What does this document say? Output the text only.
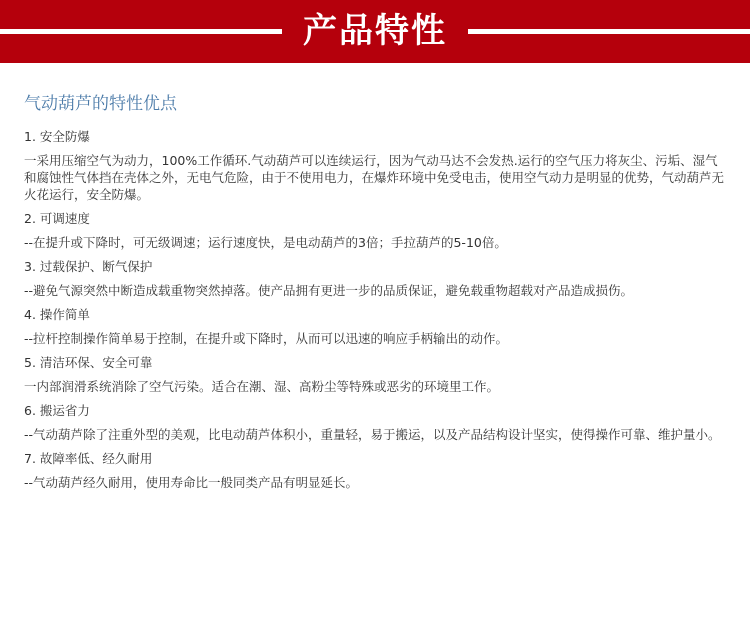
产品特性
气动葫芦的特性优点
1. 安全防爆
一采用压缩空气为动力，100%工作循环.气动葫芦可以连续运行，因为气动马达不会发热.运行的空气压力将灰尘、污垢、湿气和腐蚀性气体挡在壳体之外，无电气危险，由于不使用电力，在爆炸环境中免受电击，使用空气动力是明显的优势，气动葫芦无火花运行，安全防爆。
2. 可调速度
--在提升或下降时，可无级调速；运行速度快，是电动葫芦的3倍；手拉葫芦的5-10倍。
3. 过载保护、断气保护
--避免气源突然中断造成载重物突然掉落。使产品拥有更进一步的品质保证，避免载重物超载对产品造成损伤。
4. 操作简单
--拉杆控制操作简单易于控制，在提升或下降时，从而可以迅速的响应手柄输出的动作。
5. 清洁环保、安全可靠
一内部润滑系统消除了空气污染。适合在潮、湿、高粉尘等特殊或恶劣的环境里工作。
6. 搬运省力
--气动葫芦除了注重外型的美观，比电动葫芦体积小，重量轻，易于搬运，以及产品结构设计坚实，使得操作可靠、维护量小。
7. 故障率低、经久耐用
--气动葫芦经久耐用，使用寿命比一般同类产品有明显延长。
